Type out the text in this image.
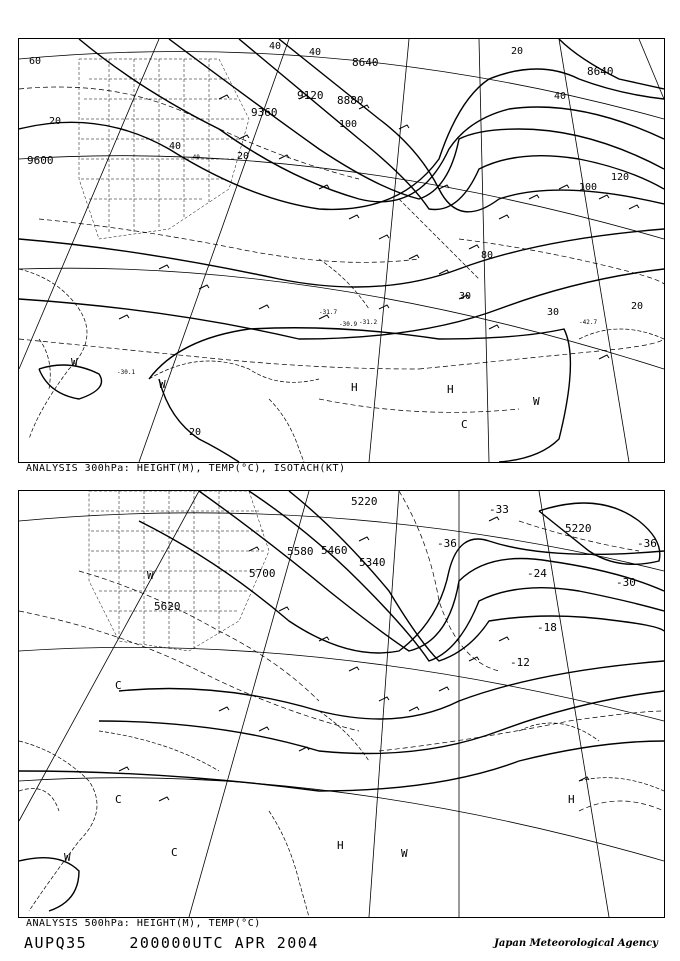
9600
9120 8880
8640
8640
9360
20
40
40
60
80
100
100
120
20
30
40
40
20
30
20
20
-40
-31.7
-31.2
-30.9	-42.7
-30.1
W
H	H
C
W
W
ANALYSIS 300hPa: HEIGHT(M), TEMP(°C), ISOTACH(KT)
5700
5580 5460
5340
5220
5220
5620
-36
-30
-24
-18
-12
-36
-33
C
C
C
W
H
W
H
W
ANALYSIS 500hPa: HEIGHT(M), TEMP(°C)
AUPQ35	200000UTC APR 2004	Japan Meteorological Agency
